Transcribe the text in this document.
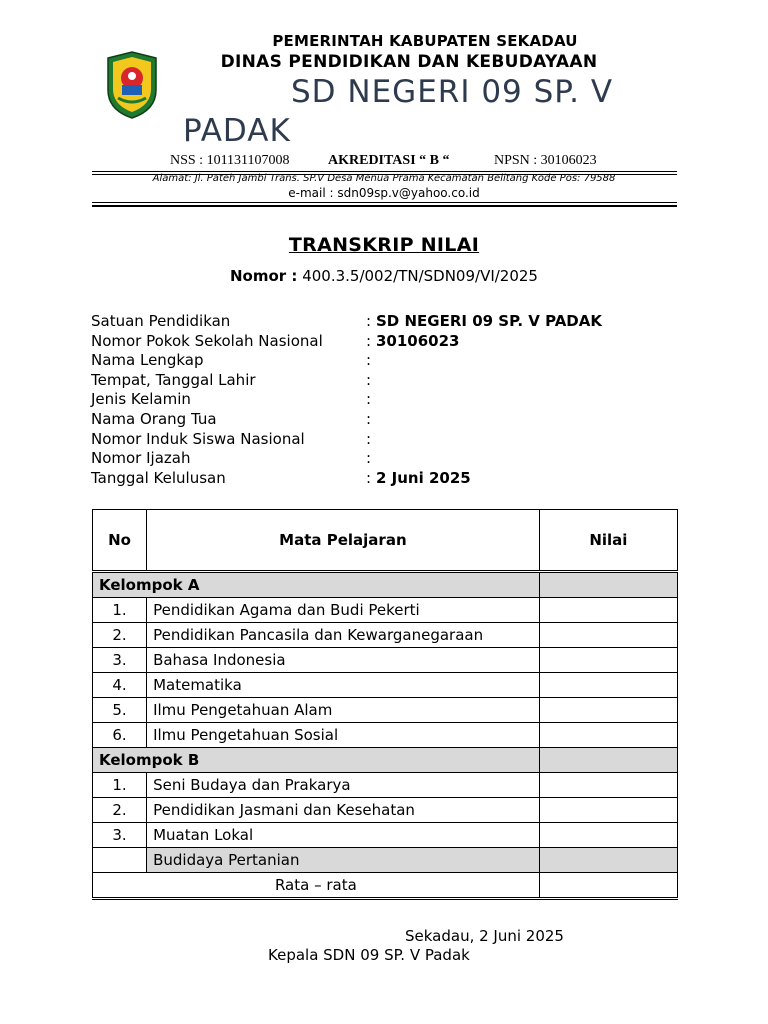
PEMERINTAH KABUPATEN SEKADAU
DINAS PENDIDIKAN DAN KEBUDAYAAN
SD NEGERI 09 SP. V
PADAK
NSS : 101131107008	AKREDITASI “ B “	NPSN : 30106023
Alamat: Jl. Pateh Jambi Trans. SP.V Desa Menua Prama Kecamatan Belitang Kode Pos: 79588
e-mail : sdn09sp.v@yahoo.co.id
TRANSKRIP NILAI
Nomor : 400.3.5/002/TN/SDN09/VI/2025
Satuan Pendidikan	: SD NEGERI 09 SP. V PADAK
Nomor Pokok Sekolah Nasional	: 30106023
Nama Lengkap	:
Tempat, Tanggal Lahir	:
Jenis Kelamin	:
Nama Orang Tua	:
Nomor Induk Siswa Nasional	:
Nomor Ijazah	:
Tanggal Kelulusan	: 2 Juni 2025
No	Mata Pelajaran	Nilai
Kelompok A		
1.	Pendidikan Agama dan Budi Pekerti	
2.	Pendidikan Pancasila dan Kewarganegaraan	
3.	Bahasa Indonesia	
4.	Matematika	
5.	Ilmu Pengetahuan Alam	
6.	Ilmu Pengetahuan Sosial	
Kelompok B		
1.	Seni Budaya dan Prakarya	
2.	Pendidikan Jasmani dan Kesehatan	
3.	Muatan Lokal	
	Budidaya Pertanian	
Rata – rata		
Sekadau, 2 Juni 2025
Kepala SDN 09 SP. V Padak
